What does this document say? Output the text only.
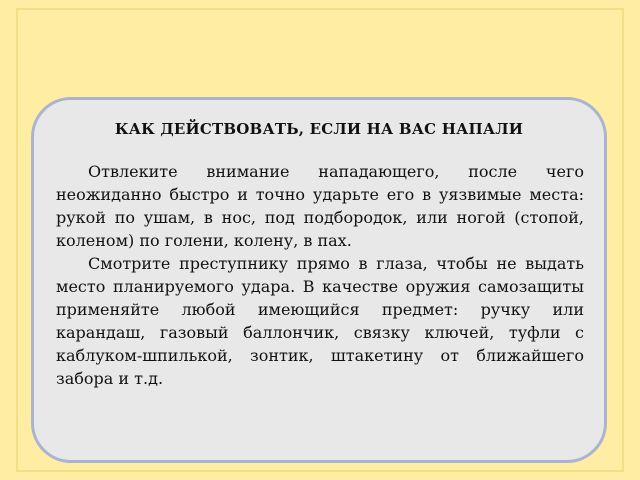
КАК ДЕЙСТВОВАТЬ, ЕСЛИ НА ВАС НАПАЛИ

Отвлеките внимание нападающего, после чего неожиданно быстро и точно ударьте его в уязвимые места: рукой по ушам, в нос, под подбородок, или ногой (стопой, коленом) по голени, колену, в пах.

Смотрите преступнику прямо в глаза, чтобы не выдать место планируемого удара. В качестве оружия самозащиты применяйте любой имеющийся предмет: ручку или карандаш, газовый баллончик, связку ключей, туфли с каблуком-шпилькой, зонтик, штакетину от ближайшего забора и т.д.
